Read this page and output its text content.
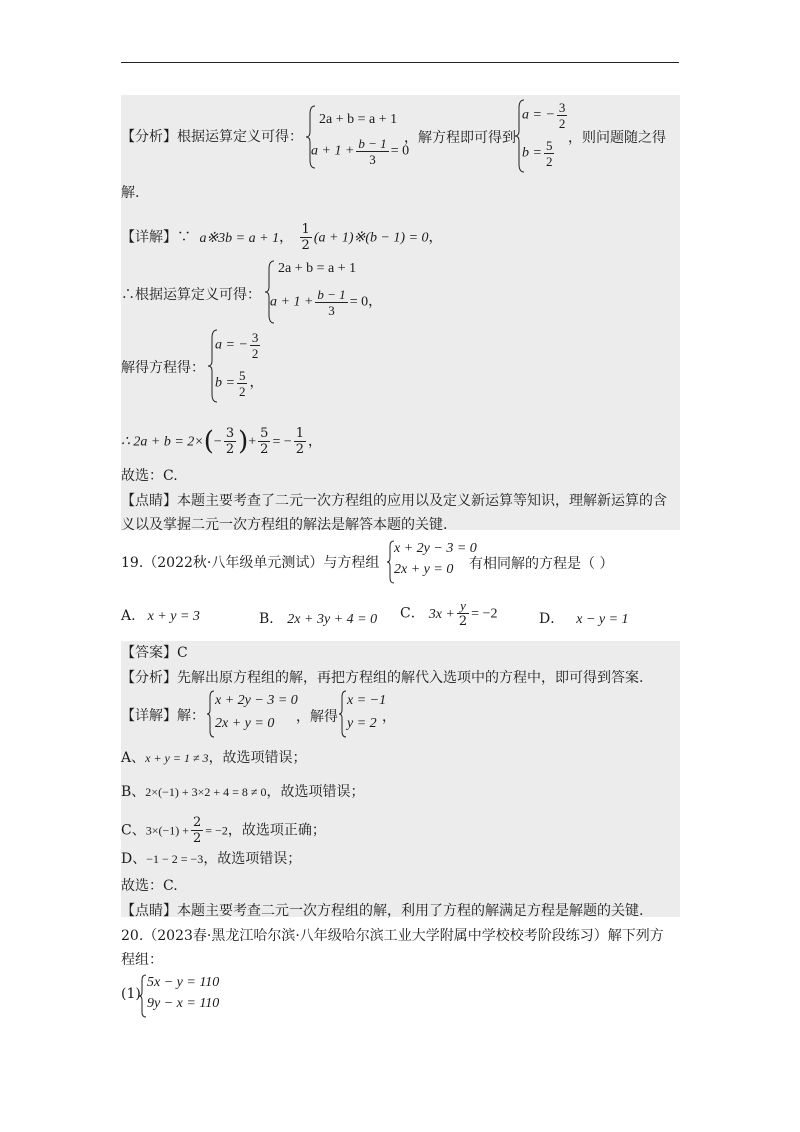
【分析】根据运算定义可得：
2a + b = a + 1
$a + 1 + \frac{b - 1}{3} = 0$
，解方程即可得到
a = − $\frac{3}{2}$
$b = \frac{5}{2}$ ，则问题随之得
解.
【详解】∵ a※3b = a + 1， $\frac{1}{2} (a$ + 1)※(b − 1) = 0，
∴根据运算定义可得：
2a + b = a + 1
$a + 1 + \frac{b - 1}{3} = 0$，
解得方程得：
a = − $\frac{3}{2}$
$b = \frac{5}{2}$ ，
∴ $2a + b = 2\times(- \frac{3}{2}$ )+ $\frac{5}{2}$ = − $\frac{1}{2}$ ，
故选：C.
【点睛】本题主要考查了二元一次方程组的应用以及定义新运算等知识，理解新运算的含
义以及掌握二元一次方程组的解法是解答本题的关键.
19.（2022秋·八年级单元测试）与方程组
x + 2y − 3 = 0
2x + y = 0 有相同解的方程是（ ）
A. x + y = 3	B． 2x + 3y + 4 = 0 C． $3x + \frac{y}{2} = -2$	D． x − y = 1
【答案】C
【分析】先解出原方程组的解，再把方程组的解代入选项中的方程中，即可得到答案.
【详解】解：
x + 2y − 3 = 0
2x + y = 0 ，解得
x = −1
y = 2 ，
A、x + y = 1 ≠ 3，故选项错误；
B、2×(−1) + 3×2 + 4 = 8 ≠ 0，故选项错误；
C、$3\times(-1) + \frac{2}{2} = -2$，故选项正确；
D、−1 − 2 = −3，故选项错误；
故选：C.
【点睛】本题主要考查二元一次方程组的解，利用了方程的解满足方程是解题的关键.
20.（2023春·黑龙江哈尔滨·八年级哈尔滨工业大学附属中学校校考阶段练习）解下列方
程组：
(1)
5x − y = 110
9y − x = 110
